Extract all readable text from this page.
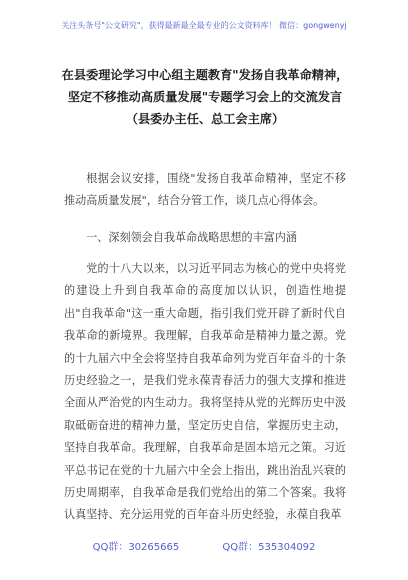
关注头条号"公文研究"，获得最新最全最专业的公文资料库！ 微信：gongwenyj
在县委理论学习中心组主题教育"发扬自我革命精神，坚定不移推动高质量发展"专题学习会上的交流发言（县委办主任、总工会主席）

根据会议安排，围绕"发扬自我革命精神，坚定不移推动高质量发展"，结合分管工作，谈几点心得体会。

一、深刻领会自我革命战略思想的丰富内涵

党的十八大以来，以习近平同志为核心的党中央将党的建设上升到自我革命的高度加以认识，创造性地提出"自我革命"这一重大命题，指引我们党开辟了新时代自我革命的新境界。我理解，自我革命是精神力量之源。党的十九届六中全会将坚持自我革命列为党百年奋斗的十条历史经验之一，是我们党永葆青春活力的强大支撑和推进全面从严治党的内生动力。我将坚持从党的光辉历史中汲取砥砺奋进的精神力量，坚定历史自信，掌握历史主动，坚持自我革命。我理解，自我革命是固本培元之策。习近平总书记在党的十九届六中全会上指出，跳出治乱兴衰的历史周期率，自我革命是我们党给出的第二个答案。我将认真坚持、充分运用党的百年奋斗历史经验，永葆自我革

QQ群：30265665	QQ群：535304092
